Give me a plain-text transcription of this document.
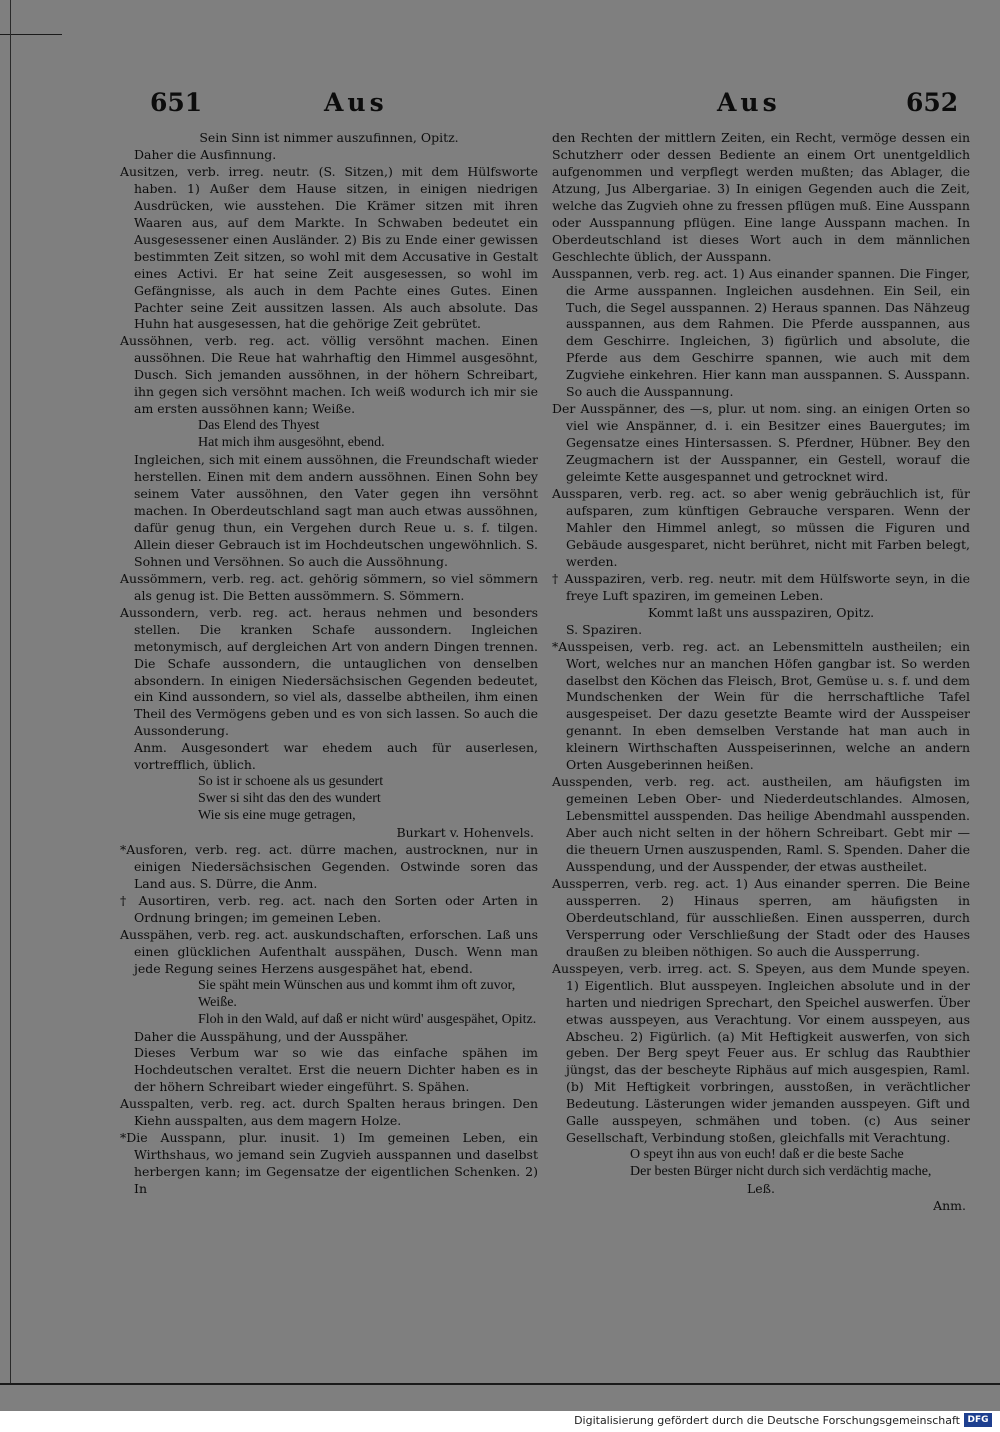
651	Aus	Aus	652
Sein Sinn ist nimmer auszufinnen, Opitz.
Daher die Ausfinnung.
Ausitzen, verb. irreg. neutr. (S. Sitzen,) mit dem Hülfsworte haben. 1) Außer dem Hause sitzen, in einigen niedrigen Ausdrücken, wie ausstehen. Die Krämer sitzen mit ihren Waaren aus, auf dem Markte. In Schwaben bedeutet ein Ausgesessener einen Ausländer. 2) Bis zu Ende einer gewissen bestimmten Zeit sitzen, so wohl mit dem Accusative in Gestalt eines Activi. Er hat seine Zeit ausgesessen, so wohl im Gefängnisse, als auch in dem Pachte eines Gutes. Einen Pachter seine Zeit aussitzen lassen. Als auch absolute. Das Huhn hat ausgesessen, hat die gehörige Zeit gebrütet.
Aussöhnen, verb. reg. act. völlig versöhnt machen. Einen aussöhnen. Die Reue hat wahrhaftig den Himmel ausgesöhnt, Dusch. Sich jemanden aussöhnen, in der höhern Schreibart, ihn gegen sich versöhnt machen. Ich weiß wodurch ich mir sie am ersten aussöhnen kann; Weiße.
Das Elend des Thyest
Hat mich ihm ausgesöhnt, ebend.
Ingleichen, sich mit einem aussöhnen, die Freundschaft wieder herstellen. Einen mit dem andern aussöhnen. Einen Sohn bey seinem Vater aussöhnen, den Vater gegen ihn versöhnt machen. In Oberdeutschland sagt man auch etwas aussöhnen, dafür genug thun, ein Vergehen durch Reue u. s. f. tilgen. Allein dieser Gebrauch ist im Hochdeutschen ungewöhnlich. S. Sohnen und Versöhnen. So auch die Aussöhnung.
Aussömmern, verb. reg. act. gehörig sömmern, so viel sömmern als genug ist. Die Betten aussömmern. S. Sömmern.
Aussondern, verb. reg. act. heraus nehmen und besonders stellen. Die kranken Schafe aussondern. Ingleichen metonymisch, auf dergleichen Art von andern Dingen trennen. Die Schafe aussondern, die untauglichen von denselben absondern. In einigen Niedersächsischen Gegenden bedeutet, ein Kind aussondern, so viel als, dasselbe abtheilen, ihm einen Theil des Vermögens geben und es von sich lassen. So auch die Aussonderung.
Anm. Ausgesondert war ehedem auch für auserlesen, vortrefflich, üblich.
So ist ir schoene als us gesundert
Swer si siht das den des wundert
Wie sis eine muge getragen,
Burkart v. Hohenvels.
*Ausforen, verb. reg. act. dürre machen, austrocknen, nur in einigen Niedersächsischen Gegenden. Ostwinde soren das Land aus. S. Dürre, die Anm.
† Ausortiren, verb. reg. act. nach den Sorten oder Arten in Ordnung bringen; im gemeinen Leben.
Ausspähen, verb. reg. act. auskundschaften, erforschen. Laß uns einen glücklichen Aufenthalt ausspähen, Dusch. Wenn man jede Regung seines Herzens ausgespähet hat, ebend.
Sie späht mein Wünschen aus und kommt ihm oft zuvor, Weiße.
Floh in den Wald, auf daß er nicht würd' ausgespähet, Opitz.
Daher die Ausspähung, und der Ausspäher.
Dieses Verbum war so wie das einfache spähen im Hochdeutschen veraltet. Erst die neuern Dichter haben es in der höhern Schreibart wieder eingeführt. S. Spähen.
Ausspalten, verb. reg. act. durch Spalten heraus bringen. Den Kiehn ausspalten, aus dem magern Holze.
*Die Ausspann, plur. inusit. 1) Im gemeinen Leben, ein Wirthshaus, wo jemand sein Zugvieh ausspannen und daselbst herbergen kann; im Gegensatze der eigentlichen Schenken. 2) In
den Rechten der mittlern Zeiten, ein Recht, vermöge dessen ein Schutzherr oder dessen Bediente an einem Ort unentgeldlich aufgenommen und verpflegt werden mußten; das Ablager, die Atzung, Jus Albergariae. 3) In einigen Gegenden auch die Zeit, welche das Zugvieh ohne zu fressen pflügen muß. Eine Ausspann oder Ausspannung pflügen. Eine lange Ausspann machen. In Oberdeutschland ist dieses Wort auch in dem männlichen Geschlechte üblich, der Ausspann.
Ausspannen, verb. reg. act. 1) Aus einander spannen. Die Finger, die Arme ausspannen. Ingleichen ausdehnen. Ein Seil, ein Tuch, die Segel ausspannen. 2) Heraus spannen. Das Nähzeug ausspannen, aus dem Rahmen. Die Pferde ausspannen, aus dem Geschirre. Ingleichen, 3) figürlich und absolute, die Pferde aus dem Geschirre spannen, wie auch mit dem Zugviehe einkehren. Hier kann man ausspannen. S. Ausspann. So auch die Ausspannung.
Der Ausspänner, des —s, plur. ut nom. sing. an einigen Orten so viel wie Anspänner, d. i. ein Besitzer eines Bauergutes; im Gegensatze eines Hintersassen. S. Pferdner, Hübner. Bey den Zeugmachern ist der Ausspanner, ein Gestell, worauf die geleimte Kette ausgespannet und getrocknet wird.
Aussparen, verb. reg. act. so aber wenig gebräuchlich ist, für aufsparen, zum künftigen Gebrauche versparen. Wenn der Mahler den Himmel anlegt, so müssen die Figuren und Gebäude ausgesparet, nicht berühret, nicht mit Farben belegt, werden.
† Ausspaziren, verb. reg. neutr. mit dem Hülfsworte seyn, in die freye Luft spaziren, im gemeinen Leben.
Kommt laßt uns ausspaziren, Opitz.
S. Spaziren.
*Ausspeisen, verb. reg. act. an Lebensmitteln austheilen; ein Wort, welches nur an manchen Höfen gangbar ist. So werden daselbst den Köchen das Fleisch, Brot, Gemüse u. s. f. und dem Mundschenken der Wein für die herrschaftliche Tafel ausgespeiset. Der dazu gesetzte Beamte wird der Ausspeiser genannt. In eben demselben Verstande hat man auch in kleinern Wirthschaften Ausspeiserinnen, welche an andern Orten Ausgeberinnen heißen.
Ausspenden, verb. reg. act. austheilen, am häufigsten im gemeinen Leben Ober- und Niederdeutschlandes. Almosen, Lebensmittel ausspenden. Das heilige Abendmahl ausspenden. Aber auch nicht selten in der höhern Schreibart. Gebt mir — die theuern Urnen auszuspenden, Raml. S. Spenden. Daher die Ausspendung, und der Ausspender, der etwas austheilet.
Aussperren, verb. reg. act. 1) Aus einander sperren. Die Beine aussperren. 2) Hinaus sperren, am häufigsten in Oberdeutschland, für ausschließen. Einen aussperren, durch Versperrung oder Verschließung der Stadt oder des Hauses draußen zu bleiben nöthigen. So auch die Aussperrung.
Ausspeyen, verb. irreg. act. S. Speyen, aus dem Munde speyen. 1) Eigentlich. Blut ausspeyen. Ingleichen absolute und in der harten und niedrigen Sprechart, den Speichel auswerfen. Über etwas ausspeyen, aus Verachtung. Vor einem ausspeyen, aus Abscheu. 2) Figürlich. (a) Mit Heftigkeit auswerfen, von sich geben. Der Berg speyt Feuer aus. Er schlug das Raubthier jüngst, das der bescheyte Riphäus auf mich ausgespien, Raml. (b) Mit Heftigkeit vorbringen, ausstoßen, in verächtlicher Bedeutung. Lästerungen wider jemanden ausspeyen. Gift und Galle ausspeyen, schmähen und toben. (c) Aus seiner Gesellschaft, Verbindung stoßen, gleichfalls mit Verachtung.
O speyt ihn aus von euch! daß er die beste Sache
Der besten Bürger nicht durch sich verdächtig mache,
Leß.
Anm.
Digitalisierung gefördert durch die Deutsche Forschungsgemeinschaft DFG
